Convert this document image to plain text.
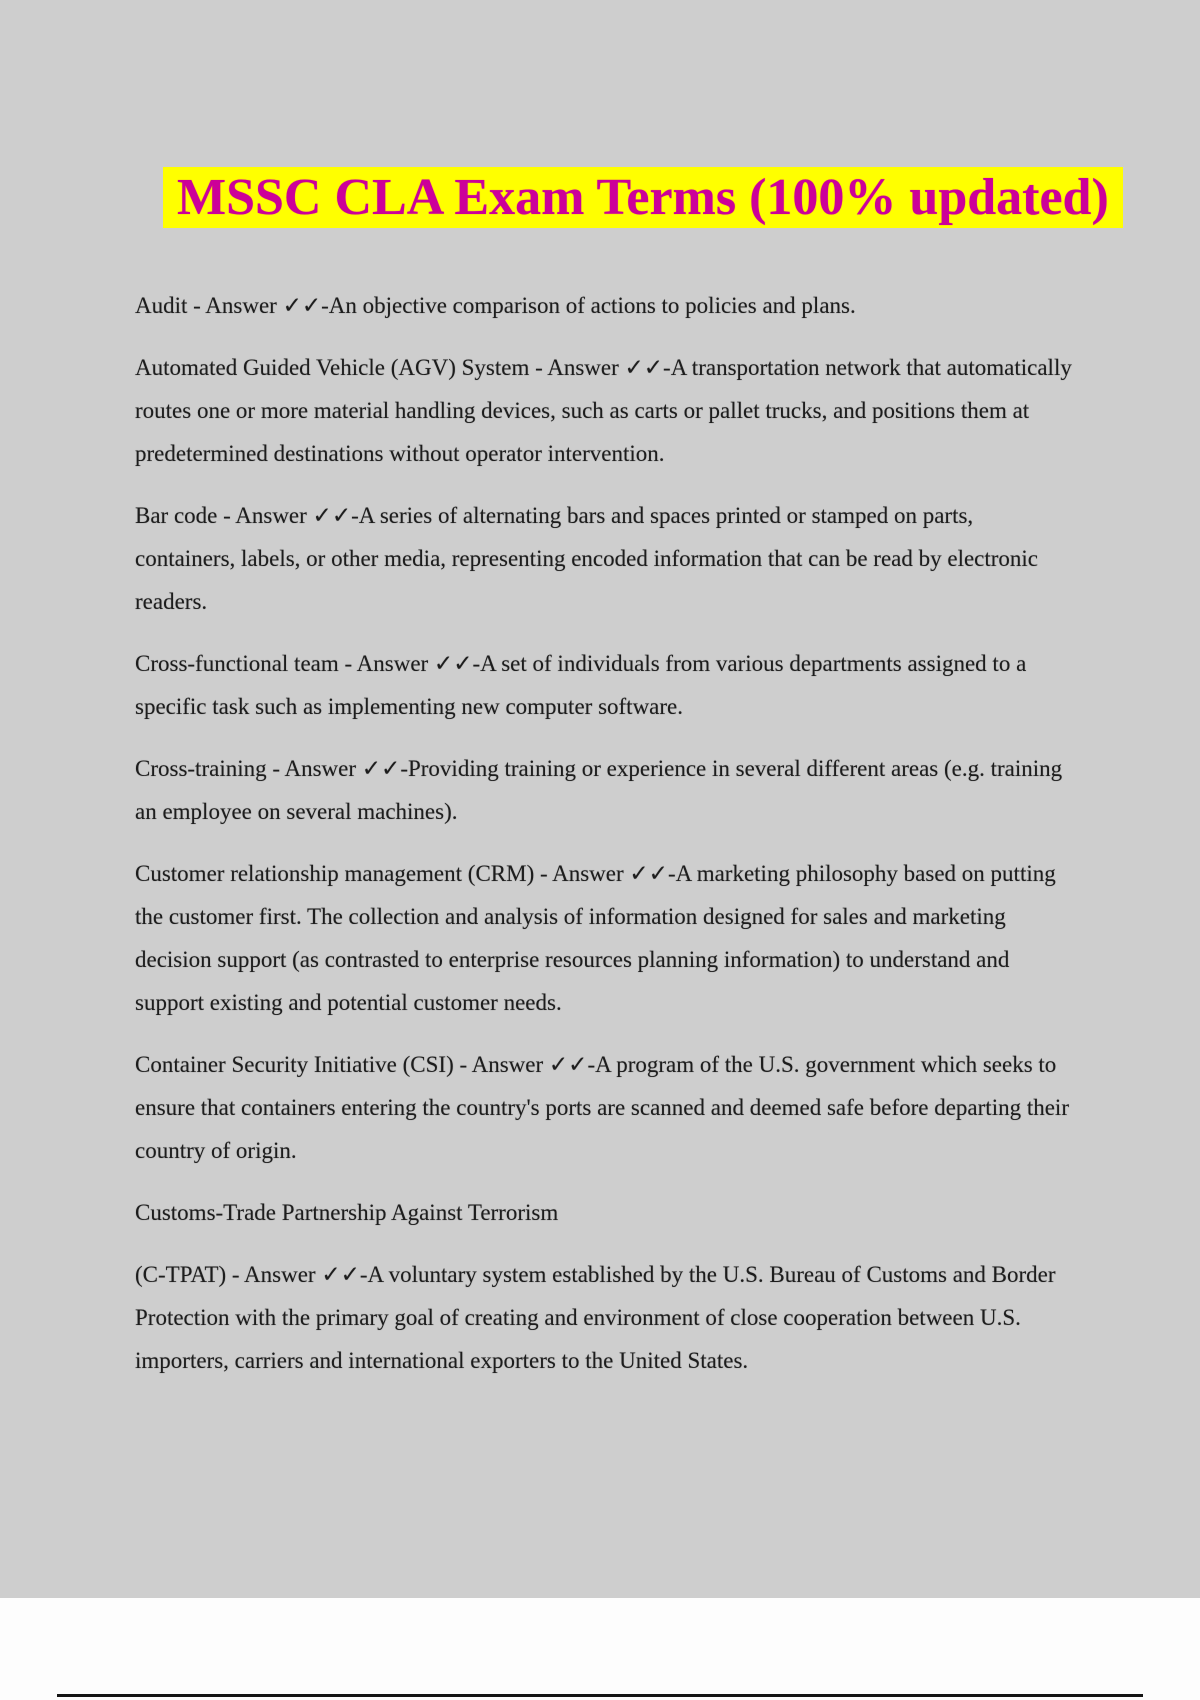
MSSC CLA Exam Terms (100% updated)

Audit - Answer ✓✓-An objective comparison of actions to policies and plans.

Automated Guided Vehicle (AGV) System - Answer ✓✓-A transportation network that automatically routes one or more material handling devices, such as carts or pallet trucks, and positions them at predetermined destinations without operator intervention.

Bar code - Answer ✓✓-A series of alternating bars and spaces printed or stamped on parts, containers, labels, or other media, representing encoded information that can be read by electronic readers.

Cross-functional team - Answer ✓✓-A set of individuals from various departments assigned to a specific task such as implementing new computer software.

Cross-training - Answer ✓✓-Providing training or experience in several different areas (e.g. training an employee on several machines).

Customer relationship management (CRM) - Answer ✓✓-A marketing philosophy based on putting the customer first. The collection and analysis of information designed for sales and marketing decision support (as contrasted to enterprise resources planning information) to understand and support existing and potential customer needs.

Container Security Initiative (CSI) - Answer ✓✓-A program of the U.S. government which seeks to ensure that containers entering the country's ports are scanned and deemed safe before departing their country of origin.

Customs-Trade Partnership Against Terrorism

(C-TPAT) - Answer ✓✓-A voluntary system established by the U.S. Bureau of Customs and Border Protection with the primary goal of creating and environment of close cooperation between U.S. importers, carriers and international exporters to the United States.
